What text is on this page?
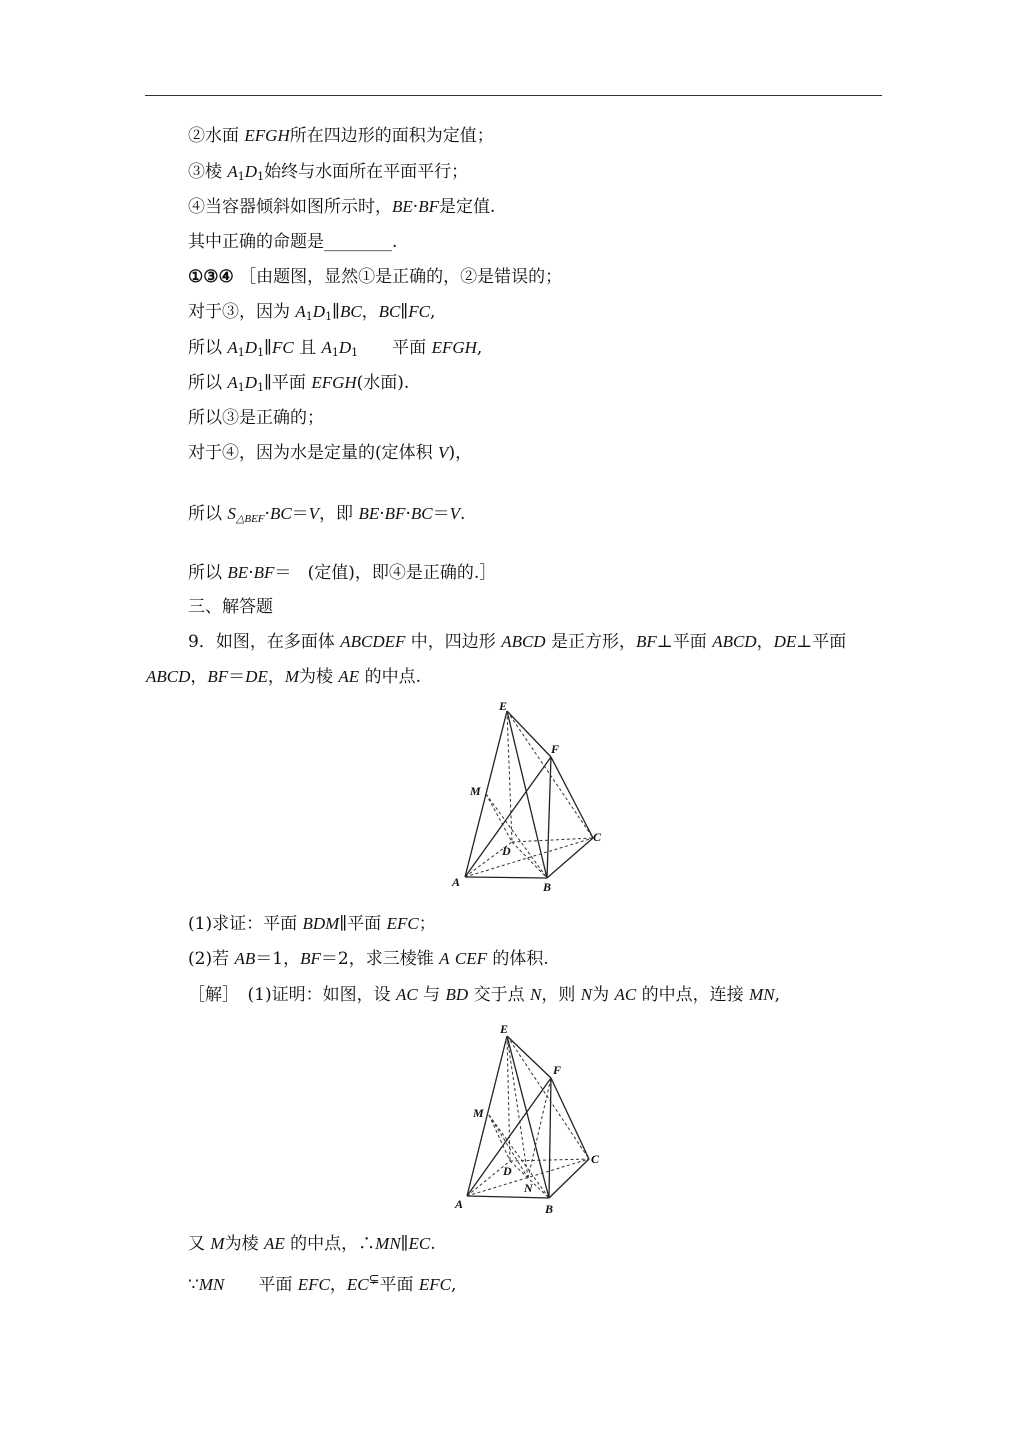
②水面 EFGH所在四边形的面积为定值；
③棱 $A_1D_1$始终与水面所在平面平行；
④当容器倾斜如图所示时，BE·BF是定值.
其中正确的命题是________.
①③④ ［由题图，显然①是正确的，②是错误的；
对于③，因为 $A_1D_1\parallel BC$，BC∥FC,
所以 $A_1D_1\parallel FC$ 且 $A_1D_1$ 平面 EFGH,
所以 $A_1D_1\parallel$平面 EFGH(水面).
所以③是正确的；
对于④，因为水是定量的(定体积 V)，
所以 $S_{\triangle BEF}\cdot BC=V$，即 BE·BF·BC＝V.
所以 BE·BF＝ (定值)，即④是正确的.］
三、解答题
9．如图，在多面体 ABCDEF 中，四边形 ABCD 是正方形，BF⊥平面 ABCD，DE⊥平面
ABCD，BF＝DE，M为棱 AE 的中点.
E
F
M
D
C
A	B
(1)求证：平面 BDM∥平面 EFC；
(2)若 AB＝1，BF＝2，求三棱锥 A CEF 的体积.
［解］　(1)证明：如图，设 AC 与 BD 交于点 N，则 N为 AC 的中点，连接 MN,
E
F
M
D
N
C
A	B
又 M为棱 AE 的中点，∴MN∥EC.
∵MN 平面 EFC，EC⊊平面 EFC,
